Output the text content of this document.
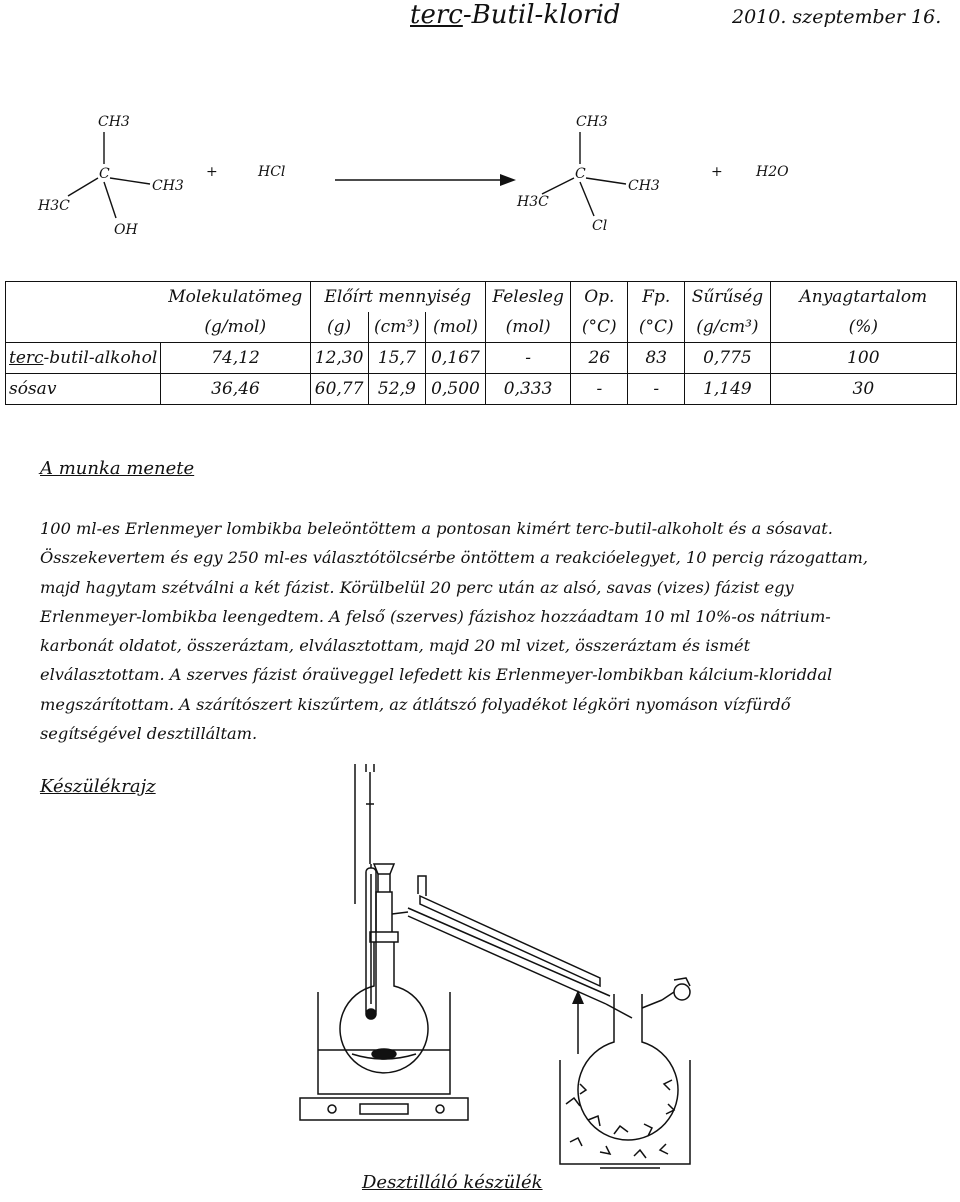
terc-Butil-klorid	2010. szeptember 16.
CH3
C
CH3
H3C
OH
+	HCl
CH3
C
CH3
H3C
Cl
+ H2O
	Molekulatömeg	Előírt mennyiség			Felesleg	Op.	Fp.	Sűrűség	Anyagtartalom
	(g/mol)	(g)	(cm³)	(mol)	(mol)	(°C)	(°C)	(g/cm³)	(%)
terc-butil-alkohol	74,12	12,30	15,7	0,167	-	26	83	0,775	100
sósav	36,46	60,77	52,9	0,500	0,333	-	-	1,149	30
A munka menete
100 ml-es Erlenmeyer lombikba beleöntöttem a pontosan kimért terc-butil-alkoholt és a sósavat.
Összekevertem és egy 250 ml-es választótölcsérbe öntöttem a reakcióelegyet, 10 percig rázogattam,
majd hagytam szétválni a két fázist. Körülbelül 20 perc után az alsó, savas (vizes) fázist egy
Erlenmeyer-lombikba leengedtem. A felső (szerves) fázishoz hozzáadtam 10 ml 10%-os nátrium-
karbonát oldatot, összeráztam, elválasztottam, majd 20 ml vizet, összeráztam és ismét
elválasztottam. A szerves fázist óraüveggel lefedett kis Erlenmeyer-lombikban kálcium-kloriddal
megszárítottam. A szárítószert kiszűrtem, az átlátszó folyadékot légköri nyomáson vízfürdő
segítségével desztilláltam.
Készülékrajz
Desztilláló készülék
